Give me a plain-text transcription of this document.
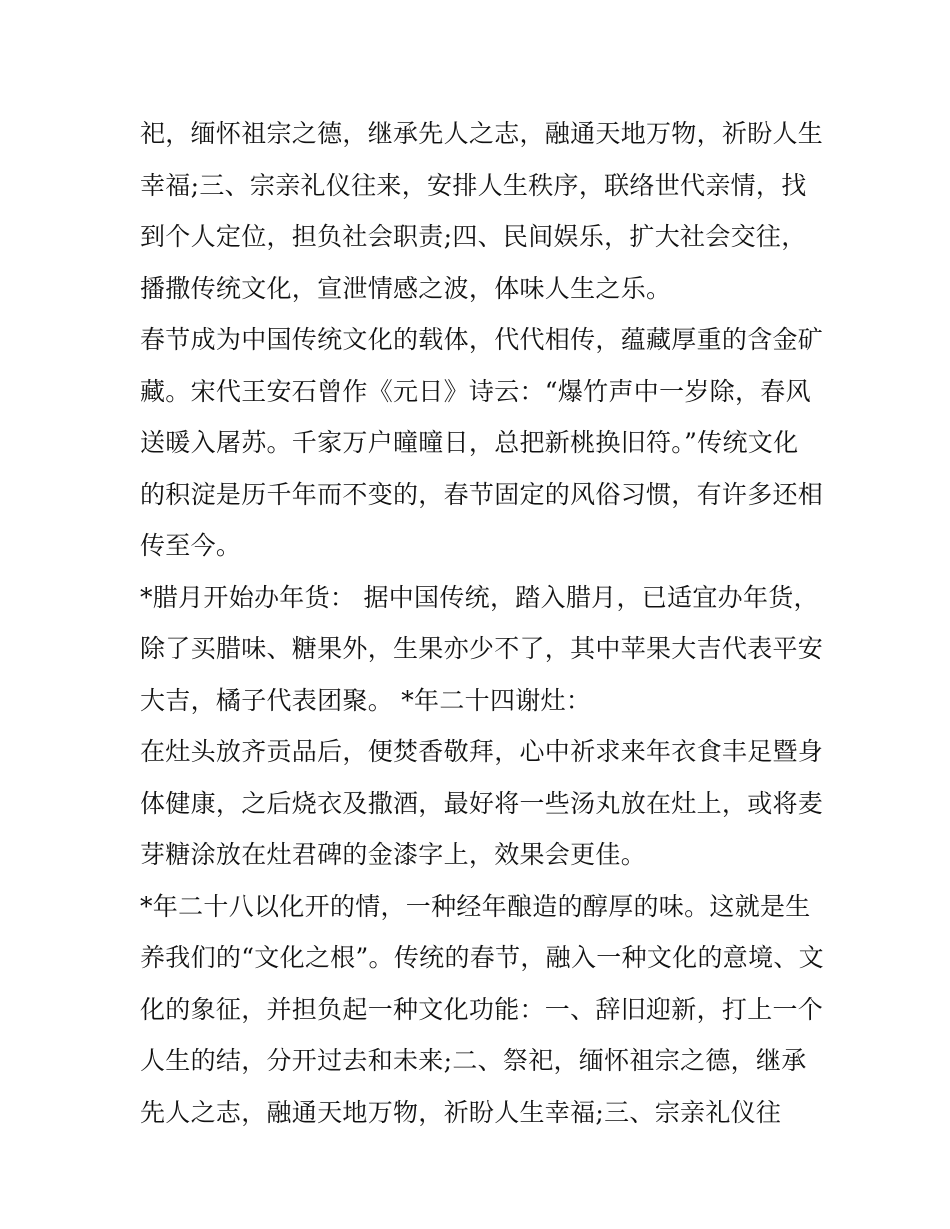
祀，缅怀祖宗之德，继承先人之志，融通天地万物，祈盼人生
幸福;三、宗亲礼仪往来，安排人生秩序，联络世代亲情，找
到个人定位，担负社会职责;四、民间娱乐，扩大社会交往，
播撒传统文化，宣泄情感之波，体味人生之乐。
春节成为中国传统文化的载体，代代相传，蕴藏厚重的含金矿
藏。宋代王安石曾作《元日》诗云：“爆竹声中一岁除，春风
送暖入屠苏。千家万户曈曈日，总把新桃换旧符。”传统文化
的积淀是历千年而不变的，春节固定的风俗习惯，有许多还相
传至今。
*腊月开始办年货： 据中国传统，踏入腊月，已适宜办年货，
除了买腊味、糖果外，生果亦少不了，其中苹果大吉代表平安
大吉，橘子代表团聚。 *年二十四谢灶：
在灶头放齐贡品后，便焚香敬拜，心中祈求来年衣食丰足暨身
体健康，之后烧衣及撒酒，最好将一些汤丸放在灶上，或将麦
芽糖涂放在灶君碑的金漆字上，效果会更佳。
*年二十八以化开的情，一种经年酿造的醇厚的味。这就是生
养我们的“文化之根”。传统的春节，融入一种文化的意境、文
化的象征，并担负起一种文化功能：一、辞旧迎新，打上一个
人生的结，分开过去和未来;二、祭祀，缅怀祖宗之德，继承
先人之志，融通天地万物，祈盼人生幸福;三、宗亲礼仪往
